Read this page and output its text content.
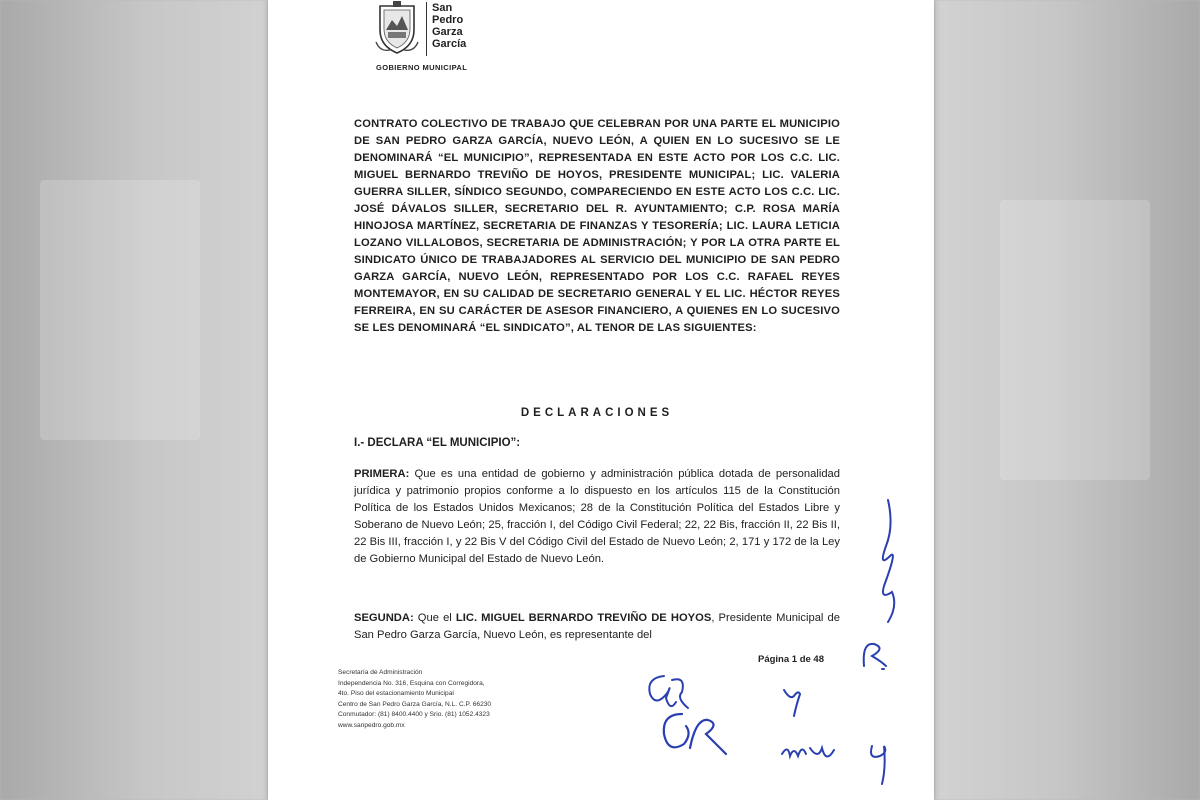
San
Pedro
Garza
García
GOBIERNO MUNICIPAL
CONTRATO COLECTIVO DE TRABAJO QUE CELEBRAN POR UNA PARTE EL MUNICIPIO DE SAN PEDRO GARZA GARCÍA, NUEVO LEÓN, A QUIEN EN LO SUCESIVO SE LE DENOMINARÁ “EL MUNICIPIO”, REPRESENTADA EN ESTE ACTO POR LOS C.C. LIC. MIGUEL BERNARDO TREVIÑO DE HOYOS, PRESIDENTE MUNICIPAL; LIC. VALERIA GUERRA SILLER, SÍNDICO SEGUNDO, COMPARECIENDO EN ESTE ACTO LOS C.C. LIC. JOSÉ DÁVALOS SILLER, SECRETARIO DEL R. AYUNTAMIENTO; C.P. ROSA MARÍA HINOJOSA MARTÍNEZ, SECRETARIA DE FINANZAS Y TESORERÍA; LIC. LAURA LETICIA LOZANO VILLALOBOS, SECRETARIA DE ADMINISTRACIÓN; Y POR LA OTRA PARTE EL SINDICATO ÚNICO DE TRABAJADORES AL SERVICIO DEL MUNICIPIO DE SAN PEDRO GARZA GARCÍA, NUEVO LEÓN, REPRESENTADO POR LOS C.C. RAFAEL REYES MONTEMAYOR, EN SU CALIDAD DE SECRETARIO GENERAL Y EL LIC. HÉCTOR REYES FERREIRA, EN SU CARÁCTER DE ASESOR FINANCIERO, A QUIENES EN LO SUCESIVO SE LES DENOMINARÁ “EL SINDICATO”, AL TENOR DE LAS SIGUIENTES:
DECLARACIONES
I.- DECLARA “EL MUNICIPIO”:
PRIMERA: Que es una entidad de gobierno y administración pública dotada de personalidad jurídica y patrimonio propios conforme a lo dispuesto en los artículos 115 de la Constitución Política de los Estados Unidos Mexicanos; 28 de la Constitución Política del Estados Libre y Soberano de Nuevo León; 25, fracción I, del Código Civil Federal; 22, 22 Bis, fracción II, 22 Bis II, 22 Bis III, fracción I, y 22 Bis V del Código Civil del Estado de Nuevo León; 2, 171 y 172 de la Ley de Gobierno Municipal del Estado de Nuevo León.
SEGUNDA: Que el LIC. MIGUEL BERNARDO TREVIÑO DE HOYOS, Presidente Municipal de San Pedro Garza García, Nuevo León, es representante del
Página 1 de 48
Secretaría de Administración
Independencia No. 316, Esquina con Corregidora,
4to. Piso del estacionamiento Municipal
Centro de San Pedro Garza García, N.L. C.P. 66230
Conmutador: (81) 8400.4400 y Srio. (81) 1052.4323
www.sanpedro.gob.mx
